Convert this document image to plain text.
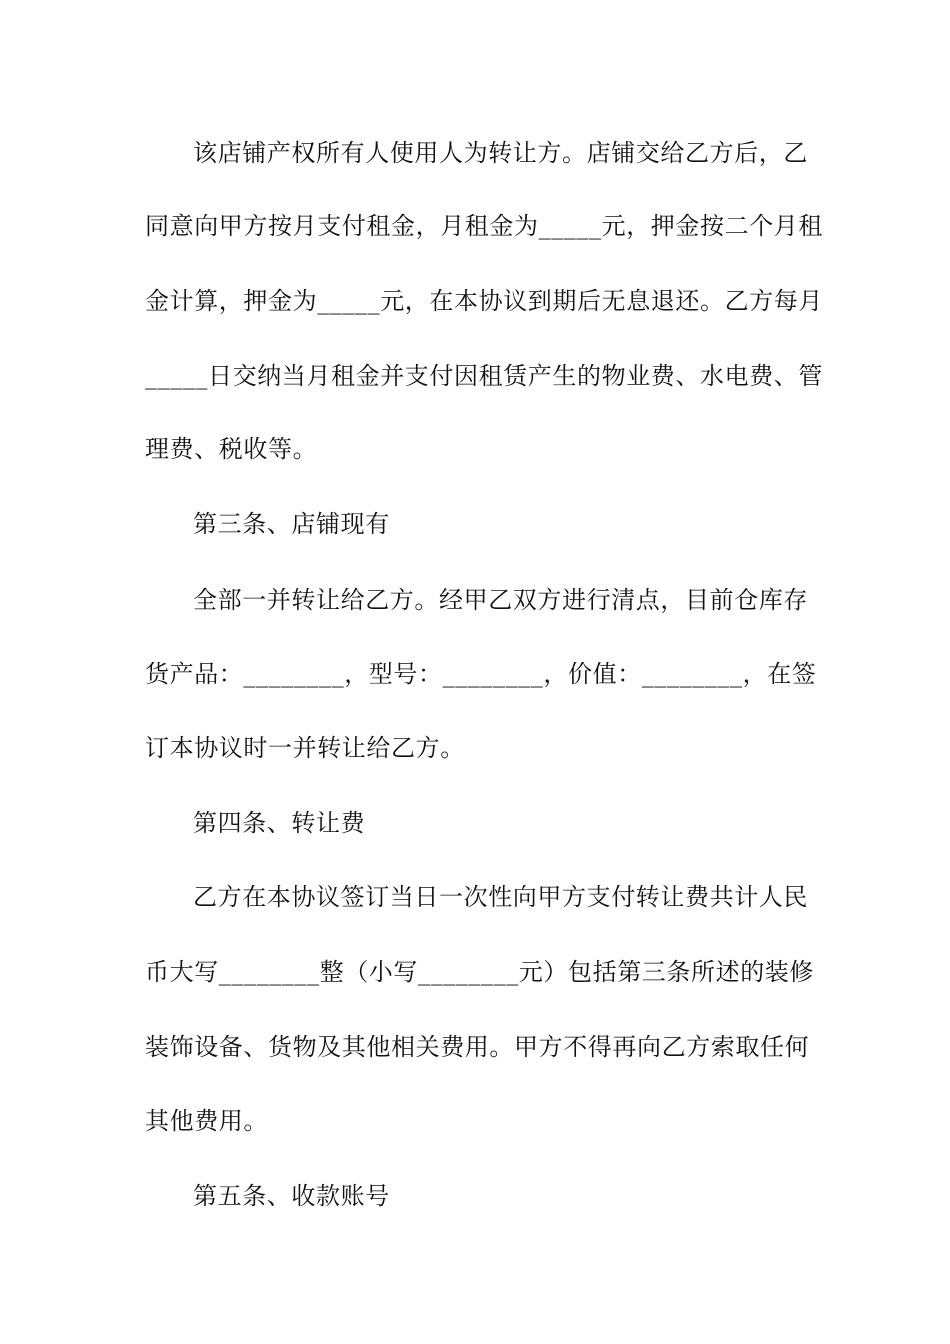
该店铺产权所有人使用人为转让方。店铺交给乙方后，乙
同意向甲方按月支付租金，月租金为_____元，押金按二个月租
金计算，押金为_____元，在本协议到期后无息退还。乙方每月
_____日交纳当月租金并支付因租赁产生的物业费、水电费、管
理费、税收等。
第三条、店铺现有
全部一并转让给乙方。经甲乙双方进行清点，目前仓库存
货产品：________，型号：________，价值：________，在签
订本协议时一并转让给乙方。
第四条、转让费
乙方在本协议签订当日一次性向甲方支付转让费共计人民
币大写________整（小写________元）包括第三条所述的装修
装饰设备、货物及其他相关费用。甲方不得再向乙方索取任何
其他费用。
第五条、收款账号
